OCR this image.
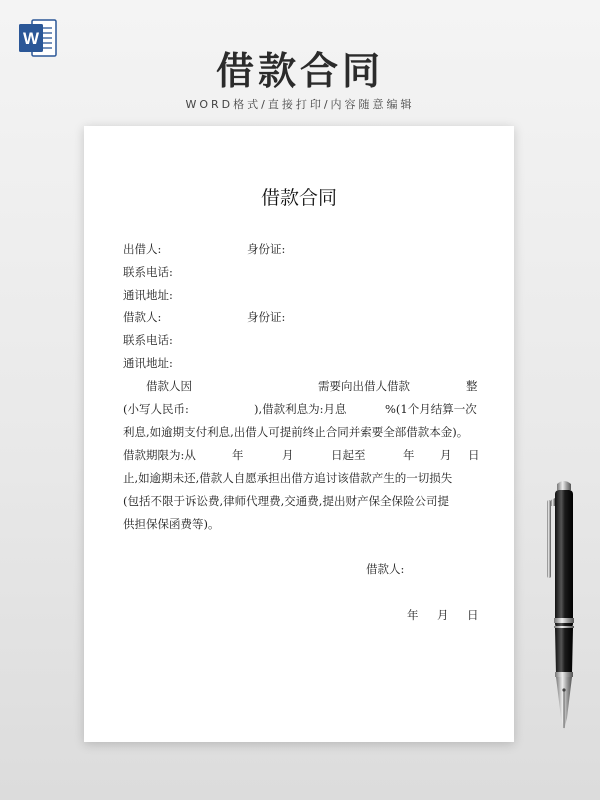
W
借款合同
WORD格式/直接打印/内容随意编辑
借款合同
出借人:	身份证:
联系电话:
通讯地址:
借款人:	身份证:
联系电话:
通讯地址:
借款人因	需要向出借人借款	整
(小写人民币:	),借款利息为:月息	%(1个月结算一次
利息,如逾期支付利息,出借人可提前终止合同并索要全部借款本金)。
借款期限为:从	年	月	日起至	年 月 日
止,如逾期未还,借款人自愿承担出借方追讨该借款产生的一切损失
(包括不限于诉讼费,律师代理费,交通费,提出财产保全保险公司提
供担保保函费等)。
借款人:
年 月 日
